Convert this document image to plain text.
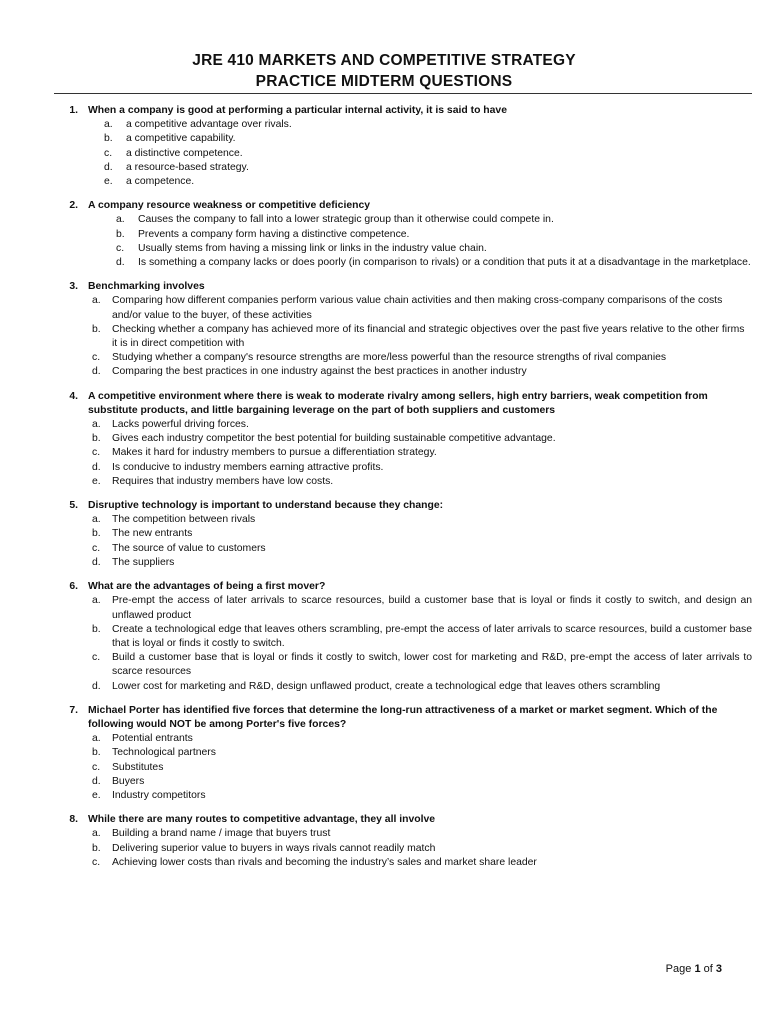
JRE 410 MARKETS AND COMPETITIVE STRATEGY
PRACTICE MIDTERM QUESTIONS
1. When a company is good at performing a particular internal activity, it is said to have
a.	a competitive advantage over rivals.
b.	a competitive capability.
c.	a distinctive competence.
d.	a resource-based strategy.
e.	a competence.
2. A company resource weakness or competitive deficiency
a.	Causes the company to fall into a lower strategic group than it otherwise could compete in.
b.	Prevents a company form having a distinctive competence.
c.	Usually stems from having a missing link or links in the industry value chain.
d.	Is something a company lacks or does poorly (in comparison to rivals) or a condition that puts it at a disadvantage in the marketplace.
3. Benchmarking involves
a.	Comparing how different companies perform various value chain activities and then making cross-company comparisons of the costs and/or value to the buyer, of these activities
b.	Checking whether a company has achieved more of its financial and strategic objectives over the past five years relative to the other firms it is in direct competition with
c.	Studying whether a company's resource strengths are more/less powerful than the resource strengths of rival companies
d.	Comparing the best practices in one industry against the best practices in another industry
4. A competitive environment where there is weak to moderate rivalry among sellers, high entry barriers, weak competition from substitute products, and little bargaining leverage on the part of both suppliers and customers
a.	Lacks powerful driving forces.
b.	Gives each industry competitor the best potential for building sustainable competitive advantage.
c.	Makes it hard for industry members to pursue a differentiation strategy.
d.	Is conducive to industry members earning attractive profits.
e.	Requires that industry members have low costs.
5. Disruptive technology is important to understand because they change:
a.	The competition between rivals
b.	The new entrants
c.	The source of value to customers
d.	The suppliers
6. What are the advantages of being a first mover?
a.	Pre-empt the access of later arrivals to scarce resources, build a customer base that is loyal or finds it costly to switch, and design an unflawed product
b.	Create a technological edge that leaves others scrambling, pre-empt the access of later arrivals to scarce resources, build a customer base that is loyal or finds it costly to switch.
c.	Build a customer base that is loyal or finds it costly to switch, lower cost for marketing and R&D, pre-empt the access of later arrivals to scarce resources
d.	Lower cost for marketing and R&D, design unflawed product, create a technological edge that leaves others scrambling
7. Michael Porter has identified five forces that determine the long-run attractiveness of a market or market segment. Which of the following would NOT be among Porter's five forces?
a.	Potential entrants
b.	Technological partners
c.	Substitutes
d.	Buyers
e.	Industry competitors
8. While there are many routes to competitive advantage, they all involve
a.	Building a brand name / image that buyers trust
b.	Delivering superior value to buyers in ways rivals cannot readily match
c.	Achieving lower costs than rivals and becoming the industry’s sales and market share leader
Page 1 of 3
